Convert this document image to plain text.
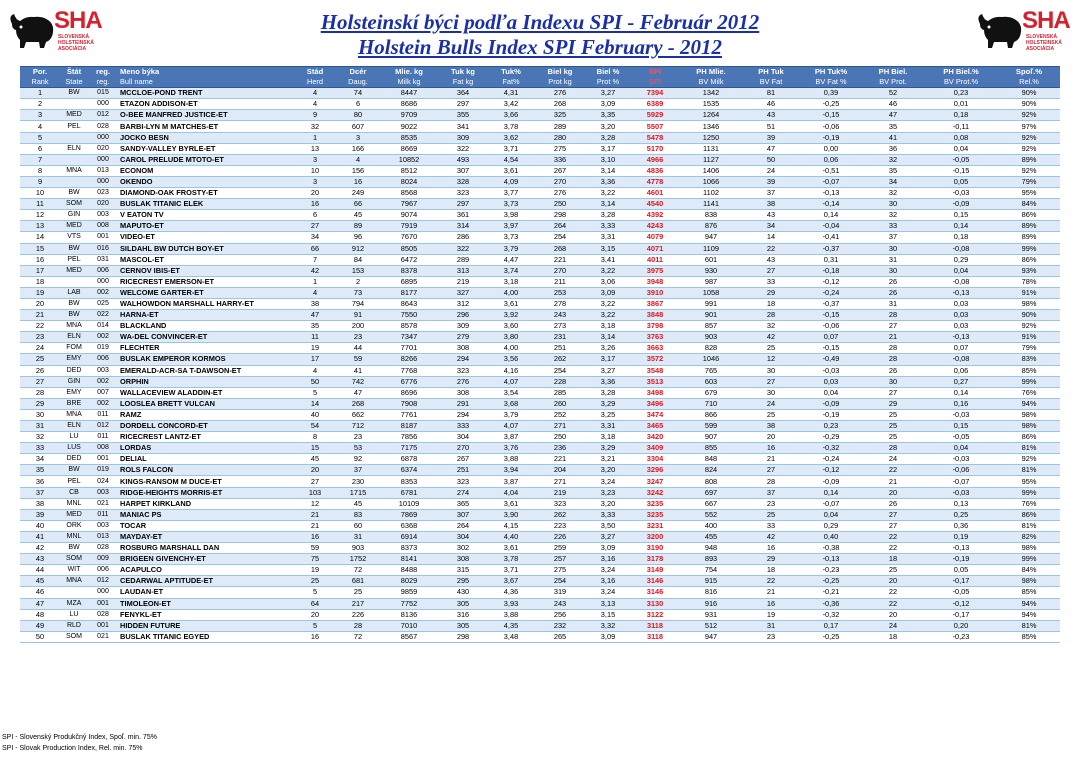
SHA
SLOVENSKÁ HOLSTEINSKÁ ASOCIÁCIA
SHA
SLOVENSKÁ HOLSTEINSKÁ ASOCIÁCIA
Holsteinskí býci podľa Indexu SPI - Február 2012
Holstein Bulls Index SPI February - 2012
Por.	Štát	reg.	Meno býka	Stád	Dcér	Mlie. kg	Tuk kg	Tuk%	Biel kg	Biel %	SPI	PH Mlie.	PH Tuk	PH Tuk%	PH Biel.	PH Biel.%	Spoľ.%
Rank	State	reg.	Bull name	Herd	Daug.	Milk kg	Fat kg	Fat%	Prot kg	Prot %	SPI	BV Milk	BV Fat	BV Fat %	BV Prot.	BV Prot.%	Rel.%
1	BW	015	MCCLOE-POND TRENT	4	74	8447	364	4,31	276	3,27	7394	1342	81	0,39	52	0,23	90%
2		000	ETAZON ADDISON-ET	4	6	8686	297	3,42	268	3,09	6389	1535	46	-0,25	46	0,01	90%
3	MED	012	O-BEE MANFRED JUSTICE-ET	9	80	9709	355	3,66	325	3,35	5929	1264	43	-0,15	47	0,18	92%
4	PEL	028	BARBI-LYN M MATCHES-ET	32	607	9022	341	3,78	289	3,20	5507	1346	51	-0,06	35	-0,11	97%
5		000	JOCKO BESN	1	3	8535	309	3,62	280	3,28	5478	1250	39	-0,19	41	0,08	92%
6	ELN	020	SANDY-VALLEY BYRLE-ET	13	166	8669	322	3,71	275	3,17	5170	1131	47	0,00	36	0,04	92%
7		000	CAROL PRELUDE MTOTO-ET	3	4	10852	493	4,54	336	3,10	4966	1127	50	0,06	32	-0,05	89%
8	MNA	013	ECONOM	10	156	8512	307	3,61	267	3,14	4836	1406	24	-0,51	35	-0,15	92%
9		000	OKENDO	3	16	8024	328	4,09	270	3,36	4778	1066	39	-0,07	34	0,05	79%
10	BW	023	DIAMOND-OAK FROSTY-ET	20	249	8568	323	3,77	276	3,22	4601	1102	37	-0,13	32	-0,03	95%
11	SOM	020	BUSLAK TITANIC ELEK	16	66	7967	297	3,73	250	3,14	4540	1141	38	-0,14	30	-0,09	84%
12	GIN	003	V EATON TV	6	45	9074	361	3,98	298	3,28	4392	838	43	0,14	32	0,15	86%
13	MED	008	MAPUTO-ET	27	89	7919	314	3,97	264	3,33	4243	876	34	-0,04	33	0,14	89%
14	VTS	001	VIDEO-ET	34	96	7670	286	3,73	254	3,31	4079	947	14	-0,41	37	0,18	89%
15	BW	016	SILDAHL BW DUTCH BOY-ET	66	912	8505	322	3,79	268	3,15	4071	1109	22	-0,37	30	-0,08	99%
16	PEL	031	MASCOL-ET	7	84	6472	289	4,47	221	3,41	4011	601	43	0,31	31	0,29	86%
17	MED	006	CERNOV IBIS-ET	42	153	8378	313	3,74	270	3,22	3975	930	27	-0,18	30	0,04	93%
18		000	RICECREST EMERSON-ET	1	2	6895	219	3,18	211	3,06	3948	987	33	-0,12	26	-0,08	78%
19	LAB	002	WELCOME GARTER-ET	4	73	8177	327	4,00	253	3,09	3910	1058	29	-0,24	26	-0,13	91%
20	BW	025	WALHOWDON MARSHALL HARRY-ET	38	794	8643	312	3,61	278	3,22	3867	991	18	-0,37	31	0,03	98%
21	BW	022	HARNA-ET	47	91	7550	296	3,92	243	3,22	3848	901	28	-0,15	28	0,03	90%
22	MNA	014	BLACKLAND	35	200	8578	309	3,60	273	3,18	3798	857	32	-0,06	27	0,03	92%
23	ELN	002	WA-DEL CONVINCER-ET	11	23	7347	279	3,80	231	3,14	3763	903	42	0,07	21	-0,13	91%
24	FOM	019	FLECHTER	19	44	7701	308	4,00	251	3,26	3663	828	25	-0,15	28	0,07	79%
25	EMY	006	BUSLAK EMPEROR KORMOS	17	59	8266	294	3,56	262	3,17	3572	1046	12	-0,49	28	-0,08	83%
26	DED	003	EMERALD-ACR-SA T-DAWSON-ET	4	41	7768	323	4,16	254	3,27	3548	765	30	-0,03	26	0,06	85%
27	GIN	002	ORPHIN	50	742	6776	276	4,07	228	3,36	3513	603	27	0,03	30	0,27	99%
28	EMY	007	WALLACEVIEW ALADDIN-ET	5	47	8696	308	3,54	285	3,28	3498	679	30	0,04	27	0,14	76%
29	BRE	002	LOOSLEA BRETT VULCAN	14	268	7908	291	3,68	260	3,29	3496	710	24	-0,09	29	0,16	94%
30	MNA	011	RAMZ	40	662	7761	294	3,79	252	3,25	3474	866	25	-0,19	25	-0,03	98%
31	ELN	012	DORDELL CONCORD-ET	54	712	8187	333	4,07	271	3,31	3465	599	38	0,23	25	0,15	98%
32	LU	011	RICECREST LANTZ-ET	8	23	7856	304	3,87	250	3,18	3420	907	20	-0,29	25	-0,05	86%
33	LUS	008	LORDAS	15	53	7175	270	3,76	236	3,29	3409	855	16	-0,32	28	0,04	81%
34	DED	001	DELIAL	45	92	6878	267	3,88	221	3,21	3304	848	21	-0,24	24	-0,03	92%
35	BW	019	ROLS FALCON	20	37	6374	251	3,94	204	3,20	3296	824	27	-0,12	22	-0,06	81%
36	PEL	024	KINGS-RANSOM M DUCE-ET	27	230	8353	323	3,87	271	3,24	3247	808	28	-0,09	21	-0,07	95%
37	CB	003	RIDGE-HEIGHTS MORRIS-ET	103	1715	6781	274	4,04	219	3,23	3242	697	37	0,14	20	-0,03	99%
38	MNL	021	HARPET KIRKLAND	12	45	10109	365	3,61	323	3,20	3235	667	23	-0,07	26	0,13	76%
39	MED	011	MANIAC PS	21	83	7869	307	3,90	262	3,33	3235	552	25	0,04	27	0,25	86%
40	ORK	003	TOCAR	21	60	6368	264	4,15	223	3,50	3231	400	33	0,29	27	0,36	81%
41	MNL	013	MAYDAY-ET	16	31	6914	304	4,40	226	3,27	3200	455	42	0,40	22	0,19	82%
42	BW	028	ROSBURG MARSHALL DAN	59	903	8373	302	3,61	259	3,09	3190	948	16	-0,38	22	-0,13	98%
43	SOM	009	BRIGEEN GIVENCHY-ET	75	1752	8141	308	3,78	257	3,16	3178	893	29	-0,13	18	-0,19	99%
44	WIT	006	ACAPULCO	19	72	8488	315	3,71	275	3,24	3149	754	18	-0,23	25	0,05	84%
45	MNA	012	CEDARWAL APTITUDE-ET	25	681	8029	295	3,67	254	3,16	3146	915	22	-0,25	20	-0,17	98%
46		000	LAUDAN-ET	5	25	9859	430	4,36	319	3,24	3146	816	21	-0,21	22	-0,05	85%
47	MZA	001	TIMOLEON-ET	64	217	7752	305	3,93	243	3,13	3130	916	16	-0,36	22	-0,12	94%
48	LU	028	FENYKL-ET	20	226	8136	316	3,88	256	3,15	3122	931	19	-0,32	20	-0,17	94%
49	RLD	001	HIDDEN FUTURE	5	28	7010	305	4,35	232	3,32	3118	512	31	0,17	24	0,20	81%
50	SOM	021	BUSLAK TITANIC EGYED	16	72	8567	298	3,48	265	3,09	3118	947	23	-0,25	18	-0,23	85%
SPI - Slovenský Produkčný Index, Spoľ. min. 75%
SPI - Slovak Production Index, Rel. min. 75%
